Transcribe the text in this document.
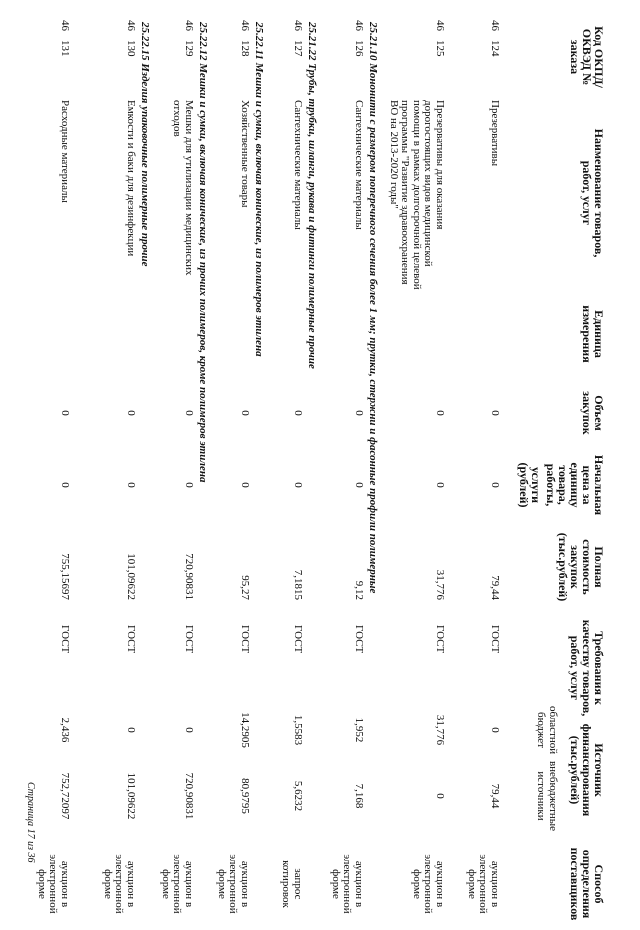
Код ОКПД/ ОКВЭД № заказа
Наименование товаров, работ, услуг
Единица измерения
Объем закупок
Начальная цена за единицу товара, работы,
услуги (рублей)
Полная стоимость закупок (тыс.рублей)
Требования к качеству товаров, работ, услуг
Источник финансирования (тыс.рублей)
областной бюджет
внебюджетные источники
Способ определения поставщиков
46
124
Презервативы
0
0
79,44
ГОСТ
0
79,44
аукцион в электронной форме
46
125
Презервативы для оказания дорогостоящих видов медицинской помощи в рамках долгосрочной целевой программы "Развитие здравоохранения ВО на 2013-2020 годы"
0
0
31,776
ГОСТ
31,776
0
аукцион в электронной форме
25.21.10 Мононити с размером поперечного сечения более 1 мм; прутки, стержни и фасонные профили полимерные
46
126
Сантехнические материалы
0
0
9,12
ГОСТ
1,952
7,168
аукцион в электронной форме
25.21.22 Трубы, трубки, шланги, рукава и фитинги полимерные прочие
46
127
Сантехнические материалы
0
0
7,1815
ГОСТ
1,5583
5,6232
запрос котировок
25.22.11 Мешки и сумки, включая конические, из полимеров этилена
46
128
Хозяйственные товары
0
0
95,27
ГОСТ
14,2905
80,9795
аукцион в электронной форме
25.22.12 Мешки и сумки, включая конические, из прочих полимеров, кроме полимеров этилена
46
129
Мешки для утилизации медицинских отходов
0
0
720,90831
ГОСТ
0
720,90831
аукцион в электронной форме
25.22.15 Изделия упаковочные полимерные прочие
46
130
Емкости и баки для дезинфекции
0
0
101,09622
ГОСТ
0
101,09622
аукцион в электронной форме
46
131
Расходные материалы
0
0
755,15697
ГОСТ
2,436
752,72097
аукцион в электронной форме
Страница 17 из 36
